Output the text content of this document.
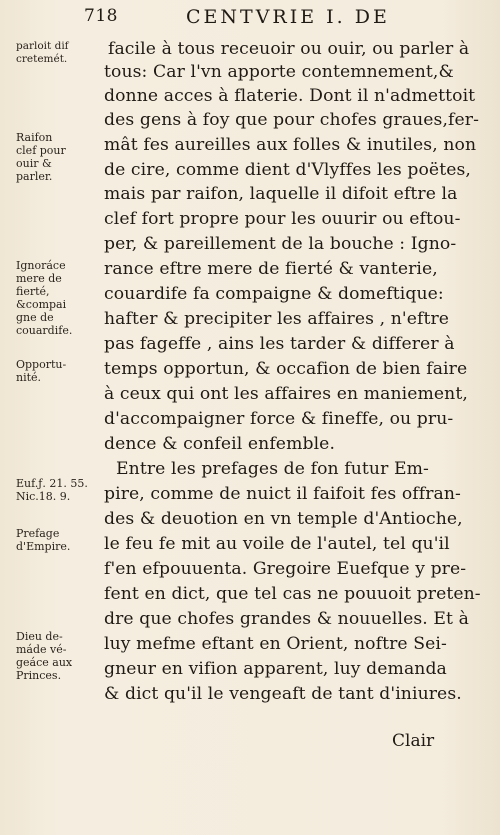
718	CENTVRIE I. DE
parloit dif
cretemét.
Raifon
clef pour
ouir &
parler.
Ignoráce
mere de
fierté,
&compai
gne de
couardife.
Opportu-
nité.
Euf.ƒ. 21. 55.
Nic.18. 9.
Prefage
d'Empire.
Dieu de-
máde vé-
geáce aux
Princes.
facile à tous receuoir ou ouir, ou parler à
tous: Car l'vn apporte contemnement,&
donne acces à flaterie. Dont il n'admettoit
des gens à foy que pour chofes graues,fer-
mât fes aureilles aux folles & inutiles, non
de cire, comme dient d'Vlyffes les poëtes,
mais par raifon, laquelle il difoit eftre la
clef fort propre pour les ouurir ou eftou-
per, & pareillement de la bouche : Igno-
rance eftre mere de fierté & vanterie,
couardife fa compaigne & domeftique:
hafter & precipiter les affaires , n'eftre
pas fageffe , ains les tarder & differer à
temps opportun, & occafion de bien faire
à ceux qui ont les affaires en maniement,
d'accompaigner force & fineffe, ou pru-
dence & confeil enfemble.
Entre les prefages de fon futur Em-
pire, comme de nuict il faifoit fes offran-
des & deuotion en vn temple d'Antioche,
le feu fe mit au voile de l'autel, tel qu'il
f'en efpouuenta. Gregoire Euefque y pre-
fent en dict, que tel cas ne pouuoit preten-
dre que chofes grandes & nouuelles. Et à
luy mefme eftant en Orient, noftre Sei-
gneur en vifion apparent, luy demanda
& dict qu'il le vengeaft de tant d'iniures.
Clair
